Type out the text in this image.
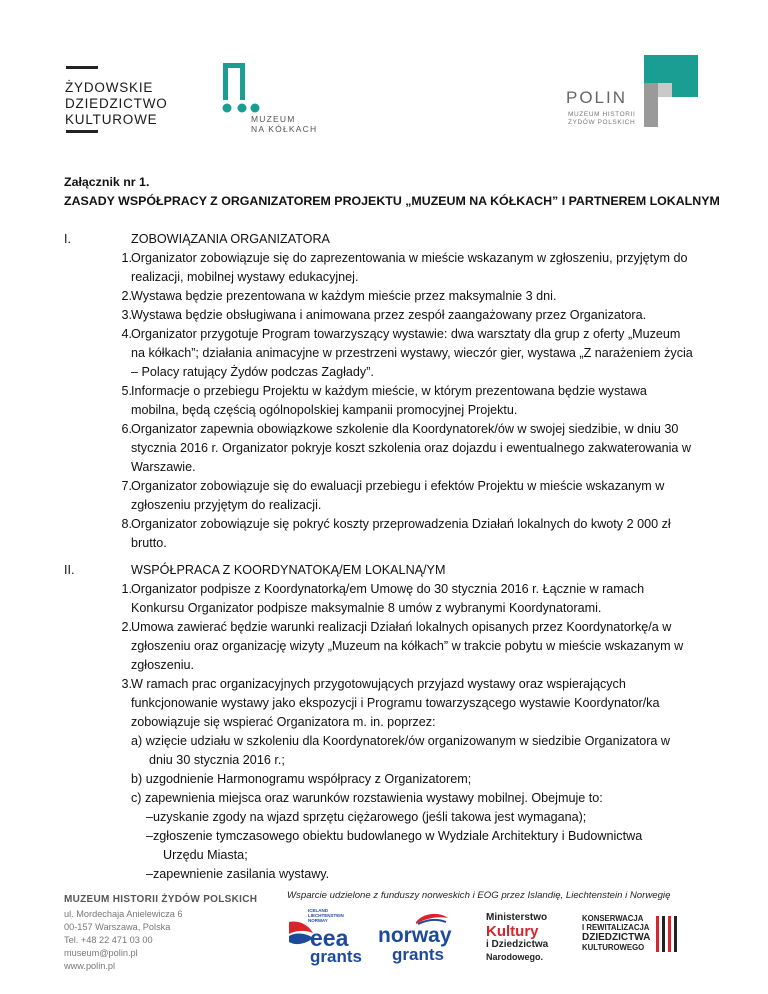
ŻYDOWSKIE
DZIEDZICTWO
KULTUROWE	MUZEUM
NA KÓŁKACH
POLIN
MUZEUM HISTORII
ŻYDÓW POLSKICH
Załącznik nr 1.
ZASADY WSPÓŁPRACY Z ORGANIZATOREM PROJEKTU „MUZEUM NA KÓŁKACH” I PARTNEREM LOKALNYM
I.	ZOBOWIĄZANIA ORGANIZATORA
1. Organizator zobowiązuje się do zaprezentowania w mieście wskazanym w zgłoszeniu, przyjętym do
realizacji, mobilnej wystawy edukacyjnej.
2. Wystawa będzie prezentowana w każdym mieście przez maksymalnie 3 dni.
3. Wystawa będzie obsługiwana i animowana przez zespół zaangażowany przez Organizatora.
4. Organizator przygotuje Program towarzyszący wystawie: dwa warsztaty dla grup z oferty „Muzeum
na kółkach”; działania animacyjne w przestrzeni wystawy, wieczór gier, wystawa „Z narażeniem życia
– Polacy ratujący Żydów podczas Zagłady”.
5. Informacje o przebiegu Projektu w każdym mieście, w którym prezentowana będzie wystawa
mobilna, będą częścią ogólnopolskiej kampanii promocyjnej Projektu.
6. Organizator zapewnia obowiązkowe szkolenie dla Koordynatorek/ów w swojej siedzibie, w dniu 30
stycznia 2016 r. Organizator pokryje koszt szkolenia oraz dojazdu i ewentualnego zakwaterowania w
Warszawie.
7. Organizator zobowiązuje się do ewaluacji przebiegu i efektów Projektu w mieście wskazanym w
zgłoszeniu przyjętym do realizacji.
8. Organizator zobowiązuje się pokryć koszty przeprowadzenia Działań lokalnych do kwoty 2 000 zł
brutto.
II.	WSPÓŁPRACA Z KOORDYNATOKĄ/EM LOKALNĄ/YM
1. Organizator podpisze z Koordynatorką/em Umowę do 30 stycznia 2016 r. Łącznie w ramach
Konkursu Organizator podpisze maksymalnie 8 umów z wybranymi Koordynatorami.
2. Umowa zawierać będzie warunki realizacji Działań lokalnych opisanych przez Koordynatorkę/a w
zgłoszeniu oraz organizację wizyty „Muzeum na kółkach” w trakcie pobytu w mieście wskazanym w
zgłoszeniu.
3. W ramach prac organizacyjnych przygotowujących przyjazd wystawy oraz wspierających
funkcjonowanie wystawy jako ekspozycji i Programu towarzyszącego wystawie Koordynator/ka
zobowiązuje się wspierać Organizatora m. in. poprzez:
a) wzięcie udziału w szkoleniu dla Koordynatorek/ów organizowanym w siedzibie Organizatora w
dniu 30 stycznia 2016 r.;
b) uzgodnienie Harmonogramu współpracy z Organizatorem;
c) zapewnienia miejsca oraz warunków rozstawienia wystawy mobilnej. Obejmuje to:
–uzyskanie zgody na wjazd sprzętu ciężarowego (jeśli takowa jest wymagana);
–zgłoszenie tymczasowego obiektu budowlanego w Wydziale Architektury i Budownictwa
Urzędu Miasta;
–zapewnienie zasilania wystawy.
MUZEUM HISTORII ŻYDÓW POLSKICH
ul. Mordechaja Anielewicza 6
00-157 Warszawa, Polska
Tel. +48 22 471 03 00
museum@polin.pl
www.polin.pl
Wsparcie udzielone z funduszy norweskich i EOG przez Islandię, Liechtenstein i Norwegię
ICELAND
LIECHTENSTEIN
NORWAY
eea
grants
norway
grants
Ministerstwo
Kultury
i Dziedzictwa
Narodowego.
KONSERWACJA
I REWITALIZACJA
DZIEDZICTWA
KULTUROWEGO
